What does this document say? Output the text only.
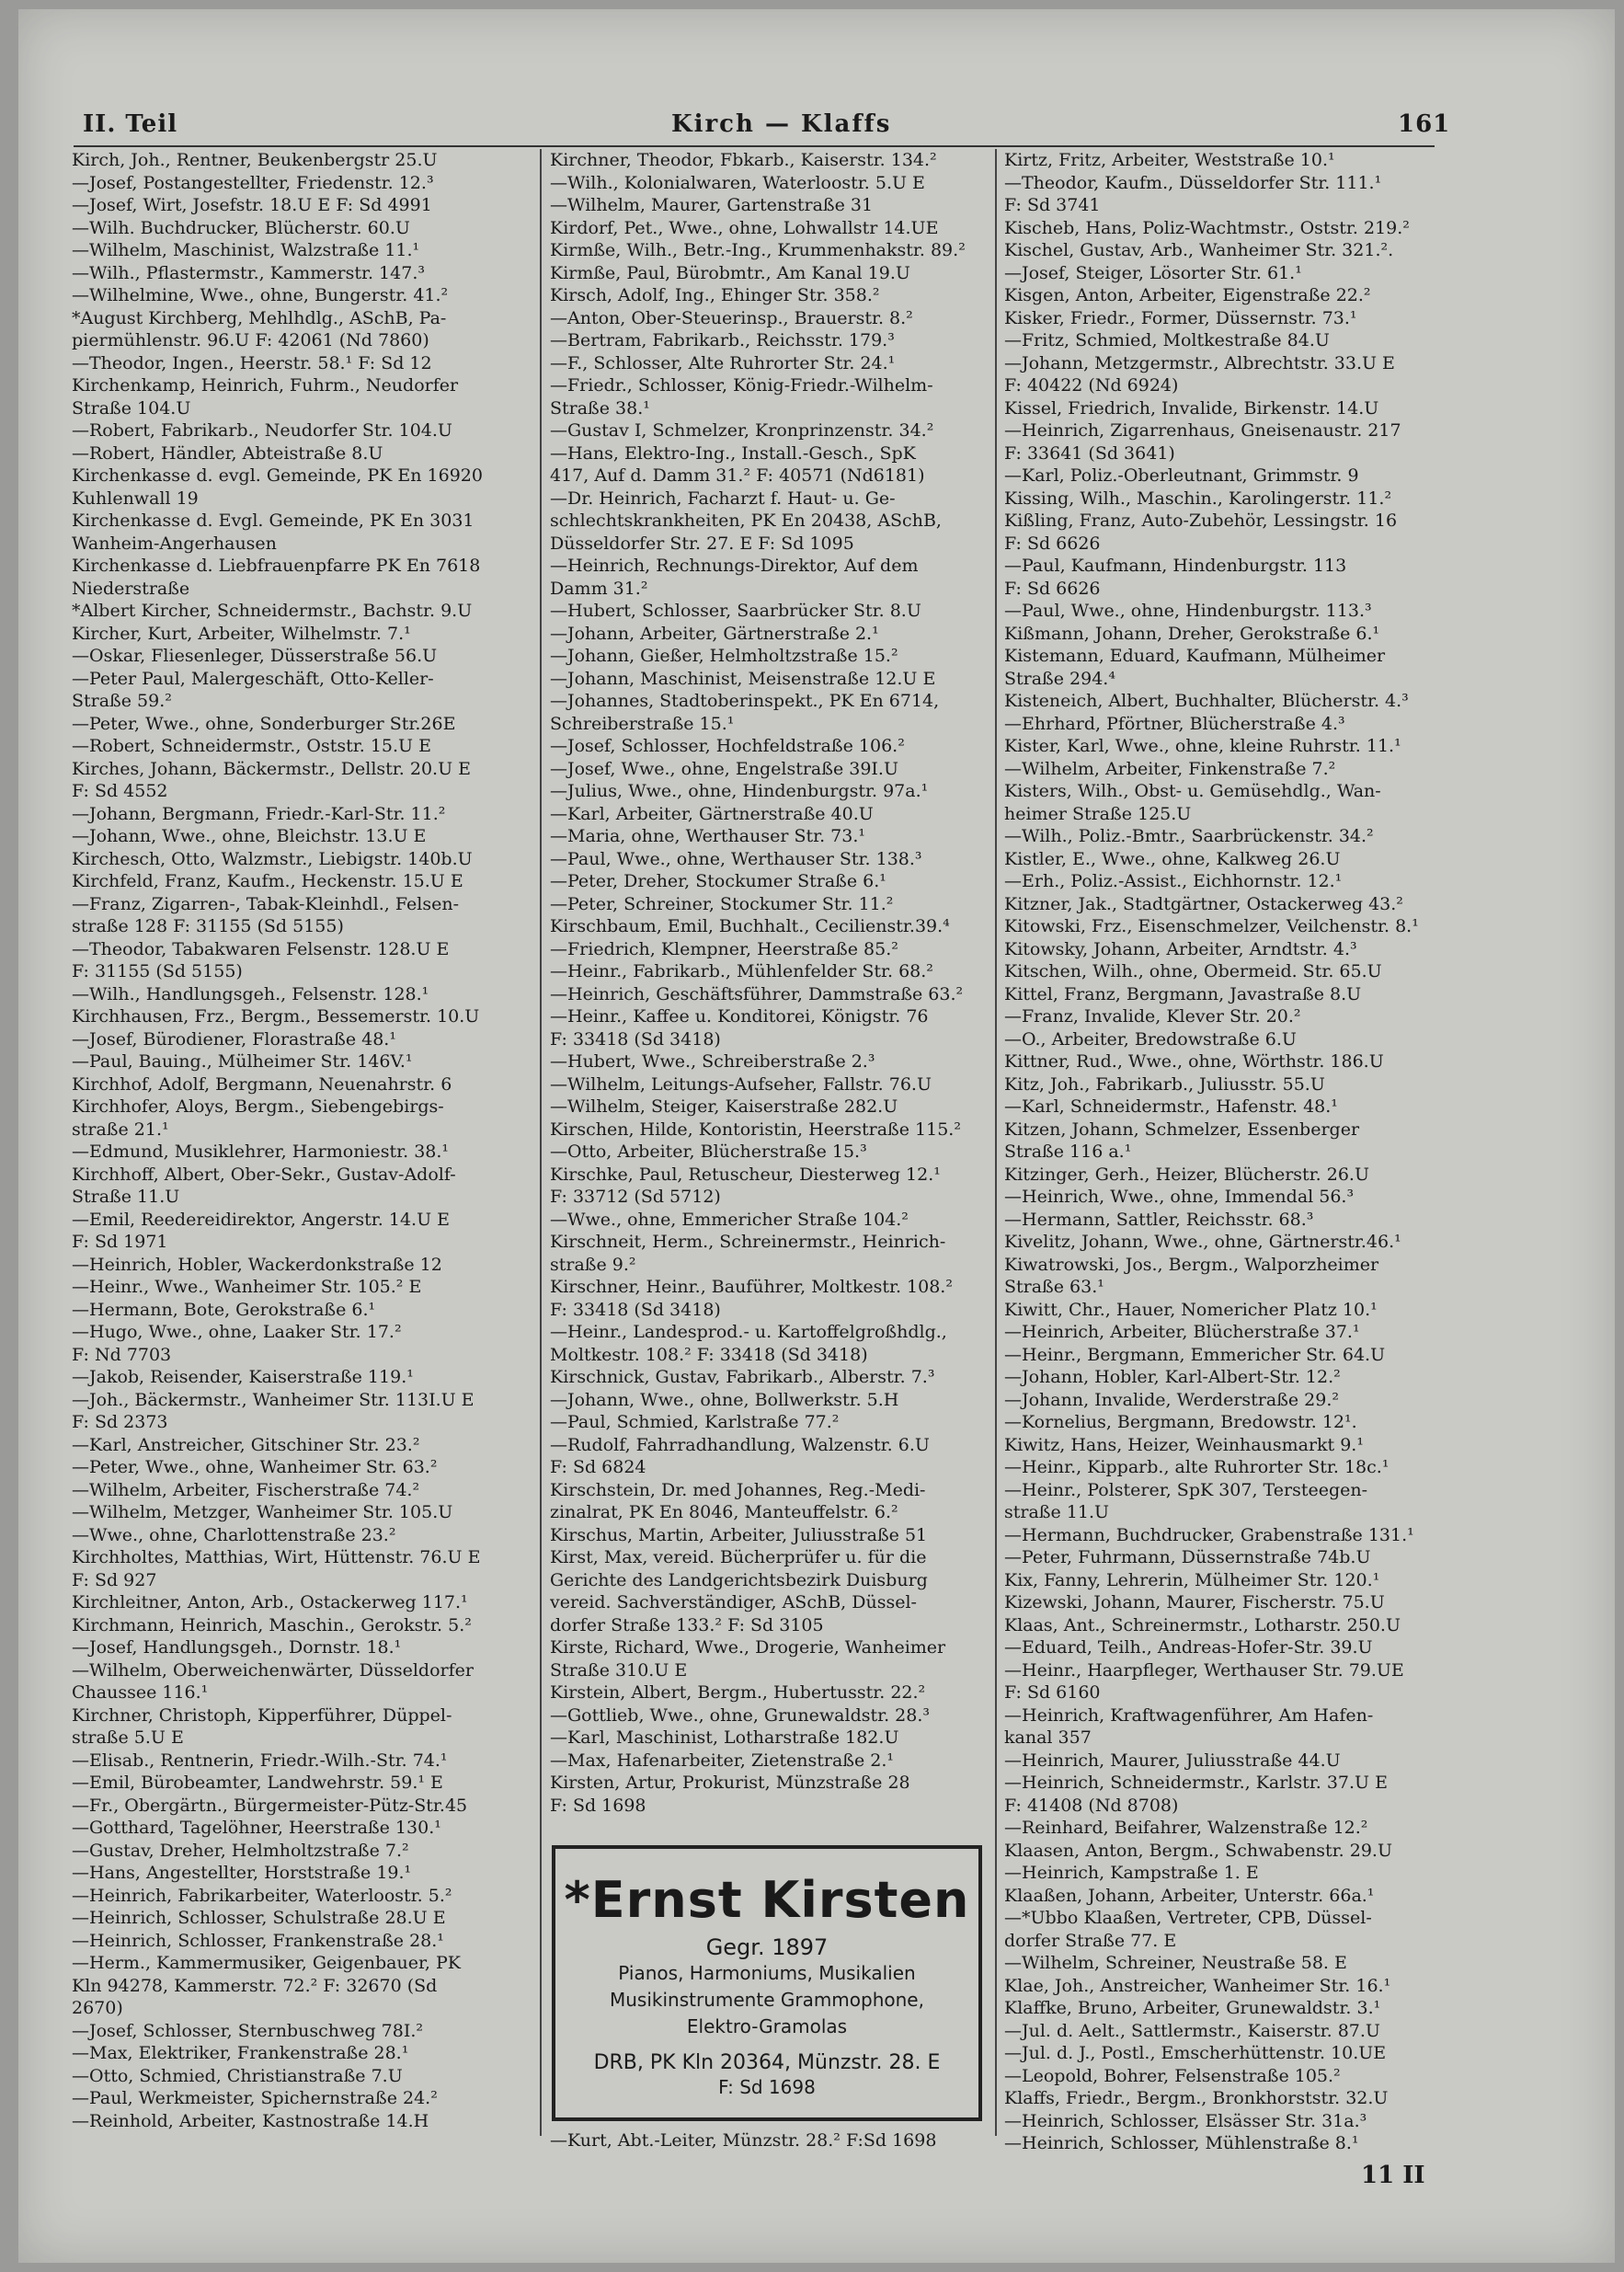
II. Teil	Kirch — Klaffs	161
Kirch, Joh., Rentner, Beukenbergstr 25.U
—Josef, Postangestellter, Friedenstr. 12.³
—Josef, Wirt, Josefstr. 18.U E F: Sd 4991
—Wilh. Buchdrucker, Blücherstr. 60.U
—Wilhelm, Maschinist, Walzstraße 11.¹
—Wilh., Pflastermstr., Kammerstr. 147.³
—Wilhelmine, Wwe., ohne, Bungerstr. 41.²
*August Kirchberg, Mehlhdlg., ASchB, Pa-
piermühlenstr. 96.U F: 42061 (Nd 7860)
—Theodor, Ingen., Heerstr. 58.¹ F: Sd 12
Kirchenkamp, Heinrich, Fuhrm., Neudorfer
Straße 104.U
—Robert, Fabrikarb., Neudorfer Str. 104.U
—Robert, Händler, Abteistraße 8.U
Kirchenkasse d. evgl. Gemeinde, PK En 16920
Kuhlenwall 19
Kirchenkasse d. Evgl. Gemeinde, PK En 3031
Wanheim-Angerhausen
Kirchenkasse d. Liebfrauenpfarre PK En 7618
Niederstraße
*Albert Kircher, Schneidermstr., Bachstr. 9.U
Kircher, Kurt, Arbeiter, Wilhelmstr. 7.¹
—Oskar, Fliesenleger, Düsserstraße 56.U
—Peter Paul, Malergeschäft, Otto-Keller-
Straße 59.²
—Peter, Wwe., ohne, Sonderburger Str.26E
—Robert, Schneidermstr., Oststr. 15.U E
Kirches, Johann, Bäckermstr., Dellstr. 20.U E
F: Sd 4552
—Johann, Bergmann, Friedr.-Karl-Str. 11.²
—Johann, Wwe., ohne, Bleichstr. 13.U E
Kirchesch, Otto, Walzmstr., Liebigstr. 140b.U
Kirchfeld, Franz, Kaufm., Heckenstr. 15.U E
—Franz, Zigarren-, Tabak-Kleinhdl., Felsen-
straße 128 F: 31155 (Sd 5155)
—Theodor, Tabakwaren Felsenstr. 128.U E
F: 31155 (Sd 5155)
—Wilh., Handlungsgeh., Felsenstr. 128.¹
Kirchhausen, Frz., Bergm., Bessemerstr. 10.U
—Josef, Bürodiener, Florastraße 48.¹
—Paul, Bauing., Mülheimer Str. 146V.¹
Kirchhof, Adolf, Bergmann, Neuenahrstr. 6
Kirchhofer, Aloys, Bergm., Siebengebirgs-
straße 21.¹
—Edmund, Musiklehrer, Harmoniestr. 38.¹
Kirchhoff, Albert, Ober-Sekr., Gustav-Adolf-
Straße 11.U
—Emil, Reedereidirektor, Angerstr. 14.U E
F: Sd 1971
—Heinrich, Hobler, Wackerdonkstraße 12
—Heinr., Wwe., Wanheimer Str. 105.² E
—Hermann, Bote, Gerokstraße 6.¹
—Hugo, Wwe., ohne, Laaker Str. 17.²
F: Nd 7703
—Jakob, Reisender, Kaiserstraße 119.¹
—Joh., Bäckermstr., Wanheimer Str. 113I.U E
F: Sd 2373
—Karl, Anstreicher, Gitschiner Str. 23.²
—Peter, Wwe., ohne, Wanheimer Str. 63.²
—Wilhelm, Arbeiter, Fischerstraße 74.²
—Wilhelm, Metzger, Wanheimer Str. 105.U
—Wwe., ohne, Charlottenstraße 23.²
Kirchholtes, Matthias, Wirt, Hüttenstr. 76.U E
F: Sd 927
Kirchleitner, Anton, Arb., Ostackerweg 117.¹
Kirchmann, Heinrich, Maschin., Gerokstr. 5.²
—Josef, Handlungsgeh., Dornstr. 18.¹
—Wilhelm, Oberweichenwärter, Düsseldorfer
Chaussee 116.¹
Kirchner, Christoph, Kipperführer, Düppel-
straße 5.U E
—Elisab., Rentnerin, Friedr.-Wilh.-Str. 74.¹
—Emil, Bürobeamter, Landwehrstr. 59.¹ E
—Fr., Obergärtn., Bürgermeister-Pütz-Str.45
—Gotthard, Tagelöhner, Heerstraße 130.¹
—Gustav, Dreher, Helmholtzstraße 7.²
—Hans, Angestellter, Horststraße 19.¹
—Heinrich, Fabrikarbeiter, Waterloostr. 5.²
—Heinrich, Schlosser, Schulstraße 28.U E
—Heinrich, Schlosser, Frankenstraße 28.¹
—Herm., Kammermusiker, Geigenbauer, PK
Kln 94278, Kammerstr. 72.² F: 32670 (Sd
2670)
—Josef, Schlosser, Sternbuschweg 78I.²
—Max, Elektriker, Frankenstraße 28.¹
—Otto, Schmied, Christianstraße 7.U
—Paul, Werkmeister, Spichernstraße 24.²
—Reinhold, Arbeiter, Kastnostraße 14.H
Kirchner, Theodor, Fbkarb., Kaiserstr. 134.²
—Wilh., Kolonialwaren, Waterloostr. 5.U E
—Wilhelm, Maurer, Gartenstraße 31
Kirdorf, Pet., Wwe., ohne, Lohwallstr 14.UE
Kirmße, Wilh., Betr.-Ing., Krummenhakstr. 89.²
Kirmße, Paul, Bürobmtr., Am Kanal 19.U
Kirsch, Adolf, Ing., Ehinger Str. 358.²
—Anton, Ober-Steuerinsp., Brauerstr. 8.²
—Bertram, Fabrikarb., Reichsstr. 179.³
—F., Schlosser, Alte Ruhrorter Str. 24.¹
—Friedr., Schlosser, König-Friedr.-Wilhelm-
Straße 38.¹
—Gustav I, Schmelzer, Kronprinzenstr. 34.²
—Hans, Elektro-Ing., Install.-Gesch., SpK
417, Auf d. Damm 31.² F: 40571 (Nd6181)
—Dr. Heinrich, Facharzt f. Haut- u. Ge-
schlechtskrankheiten, PK En 20438, ASchB,
Düsseldorfer Str. 27. E F: Sd 1095
—Heinrich, Rechnungs-Direktor, Auf dem
Damm 31.²
—Hubert, Schlosser, Saarbrücker Str. 8.U
—Johann, Arbeiter, Gärtnerstraße 2.¹
—Johann, Gießer, Helmholtzstraße 15.²
—Johann, Maschinist, Meisenstraße 12.U E
—Johannes, Stadtoberinspekt., PK En 6714,
Schreiberstraße 15.¹
—Josef, Schlosser, Hochfeldstraße 106.²
—Josef, Wwe., ohne, Engelstraße 39I.U
—Julius, Wwe., ohne, Hindenburgstr. 97a.¹
—Karl, Arbeiter, Gärtnerstraße 40.U
—Maria, ohne, Werthauser Str. 73.¹
—Paul, Wwe., ohne, Werthauser Str. 138.³
—Peter, Dreher, Stockumer Straße 6.¹
—Peter, Schreiner, Stockumer Str. 11.²
Kirschbaum, Emil, Buchhalt., Cecilienstr.39.⁴
—Friedrich, Klempner, Heerstraße 85.²
—Heinr., Fabrikarb., Mühlenfelder Str. 68.²
—Heinrich, Geschäftsführer, Dammstraße 63.²
—Heinr., Kaffee u. Konditorei, Königstr. 76
F: 33418 (Sd 3418)
—Hubert, Wwe., Schreiberstraße 2.³
—Wilhelm, Leitungs-Aufseher, Fallstr. 76.U
—Wilhelm, Steiger, Kaiserstraße 282.U
Kirschen, Hilde, Kontoristin, Heerstraße 115.²
—Otto, Arbeiter, Blücherstraße 15.³
Kirschke, Paul, Retuscheur, Diesterweg 12.¹
F: 33712 (Sd 5712)
—Wwe., ohne, Emmericher Straße 104.²
Kirschneit, Herm., Schreinermstr., Heinrich-
straße 9.²
Kirschner, Heinr., Bauführer, Moltkestr. 108.²
F: 33418 (Sd 3418)
—Heinr., Landesprod.- u. Kartoffelgroßhdlg.,
Moltkestr. 108.² F: 33418 (Sd 3418)
Kirschnick, Gustav, Fabrikarb., Alberstr. 7.³
—Johann, Wwe., ohne, Bollwerkstr. 5.H
—Paul, Schmied, Karlstraße 77.²
—Rudolf, Fahrradhandlung, Walzenstr. 6.U
F: Sd 6824
Kirschstein, Dr. med Johannes, Reg.-Medi-
zinalrat, PK En 8046, Manteuffelstr. 6.²
Kirschus, Martin, Arbeiter, Juliusstraße 51
Kirst, Max, vereid. Bücherprüfer u. für die
Gerichte des Landgerichtsbezirk Duisburg
vereid. Sachverständiger, ASchB, Düssel-
dorfer Straße 133.² F: Sd 3105
Kirste, Richard, Wwe., Drogerie, Wanheimer
Straße 310.U E
Kirstein, Albert, Bergm., Hubertusstr. 22.²
—Gottlieb, Wwe., ohne, Grunewaldstr. 28.³
—Karl, Maschinist, Lotharstraße 182.U
—Max, Hafenarbeiter, Zietenstraße 2.¹
Kirsten, Artur, Prokurist, Münzstraße 28
F: Sd 1698
Kirtz, Fritz, Arbeiter, Weststraße 10.¹
—Theodor, Kaufm., Düsseldorfer Str. 111.¹
F: Sd 3741
Kischeb, Hans, Poliz-Wachtmstr., Oststr. 219.²
Kischel, Gustav, Arb., Wanheimer Str. 321.².
—Josef, Steiger, Lösorter Str. 61.¹
Kisgen, Anton, Arbeiter, Eigenstraße 22.²
Kisker, Friedr., Former, Düssernstr. 73.¹
—Fritz, Schmied, Moltkestraße 84.U
—Johann, Metzgermstr., Albrechtstr. 33.U E
F: 40422 (Nd 6924)
Kissel, Friedrich, Invalide, Birkenstr. 14.U
—Heinrich, Zigarrenhaus, Gneisenaustr. 217
F: 33641 (Sd 3641)
—Karl, Poliz.-Oberleutnant, Grimmstr. 9
Kissing, Wilh., Maschin., Karolingerstr. 11.²
Kißling, Franz, Auto-Zubehör, Lessingstr. 16
F: Sd 6626
—Paul, Kaufmann, Hindenburgstr. 113
F: Sd 6626
—Paul, Wwe., ohne, Hindenburgstr. 113.³
Kißmann, Johann, Dreher, Gerokstraße 6.¹
Kistemann, Eduard, Kaufmann, Mülheimer
Straße 294.⁴
Kisteneich, Albert, Buchhalter, Blücherstr. 4.³
—Ehrhard, Pförtner, Blücherstraße 4.³
Kister, Karl, Wwe., ohne, kleine Ruhrstr. 11.¹
—Wilhelm, Arbeiter, Finkenstraße 7.²
Kisters, Wilh., Obst- u. Gemüsehdlg., Wan-
heimer Straße 125.U
—Wilh., Poliz.-Bmtr., Saarbrückenstr. 34.²
Kistler, E., Wwe., ohne, Kalkweg 26.U
—Erh., Poliz.-Assist., Eichhornstr. 12.¹
Kitzner, Jak., Stadtgärtner, Ostackerweg 43.²
Kitowski, Frz., Eisenschmelzer, Veilchenstr. 8.¹
Kitowsky, Johann, Arbeiter, Arndtstr. 4.³
Kitschen, Wilh., ohne, Obermeid. Str. 65.U
Kittel, Franz, Bergmann, Javastraße 8.U
—Franz, Invalide, Klever Str. 20.²
—O., Arbeiter, Bredowstraße 6.U
Kittner, Rud., Wwe., ohne, Wörthstr. 186.U
Kitz, Joh., Fabrikarb., Juliusstr. 55.U
—Karl, Schneidermstr., Hafenstr. 48.¹
Kitzen, Johann, Schmelzer, Essenberger
Straße 116 a.¹
Kitzinger, Gerh., Heizer, Blücherstr. 26.U
—Heinrich, Wwe., ohne, Immendal 56.³
—Hermann, Sattler, Reichsstr. 68.³
Kivelitz, Johann, Wwe., ohne, Gärtnerstr.46.¹
Kiwatrowski, Jos., Bergm., Walporzheimer
Straße 63.¹
Kiwitt, Chr., Hauer, Nomericher Platz 10.¹
—Heinrich, Arbeiter, Blücherstraße 37.¹
—Heinr., Bergmann, Emmericher Str. 64.U
—Johann, Hobler, Karl-Albert-Str. 12.²
—Johann, Invalide, Werderstraße 29.²
—Kornelius, Bergmann, Bredowstr. 12¹.
Kiwitz, Hans, Heizer, Weinhausmarkt 9.¹
—Heinr., Kipparb., alte Ruhrorter Str. 18c.¹
—Heinr., Polsterer, SpK 307, Tersteegen-
straße 11.U
—Hermann, Buchdrucker, Grabenstraße 131.¹
—Peter, Fuhrmann, Düssernstraße 74b.U
Kix, Fanny, Lehrerin, Mülheimer Str. 120.¹
Kizewski, Johann, Maurer, Fischerstr. 75.U
Klaas, Ant., Schreinermstr., Lotharstr. 250.U
—Eduard, Teilh., Andreas-Hofer-Str. 39.U
—Heinr., Haarpfleger, Werthauser Str. 79.UE
F: Sd 6160
—Heinrich, Kraftwagenführer, Am Hafen-
kanal 357
—Heinrich, Maurer, Juliusstraße 44.U
—Heinrich, Schneidermstr., Karlstr. 37.U E
F: 41408 (Nd 8708)
—Reinhard, Beifahrer, Walzenstraße 12.²
Klaasen, Anton, Bergm., Schwabenstr. 29.U
—Heinrich, Kampstraße 1. E
Klaaßen, Johann, Arbeiter, Unterstr. 66a.¹
—*Ubbo Klaaßen, Vertreter, CPB, Düssel-
dorfer Straße 77. E
—Wilhelm, Schreiner, Neustraße 58. E
Klae, Joh., Anstreicher, Wanheimer Str. 16.¹
Klaffke, Bruno, Arbeiter, Grunewaldstr. 3.¹
—Jul. d. Aelt., Sattlermstr., Kaiserstr. 87.U
—Jul. d. J., Postl., Emscherhüttenstr. 10.UE
—Leopold, Bohrer, Felsenstraße 105.²
Klaffs, Friedr., Bergm., Bronkhorststr. 32.U
—Heinrich, Schlosser, Elsässer Str. 31a.³
—Heinrich, Schlosser, Mühlenstraße 8.¹
*Ernst Kirsten
Gegr. 1897
Pianos, Harmoniums, Musikalien
Musikinstrumente Grammophone,
Elektro-Gramolas
DRB, PK Kln 20364, Münzstr. 28. E
F: Sd 1698
—Kurt, Abt.-Leiter, Münzstr. 28.² F:Sd 1698
11 II
